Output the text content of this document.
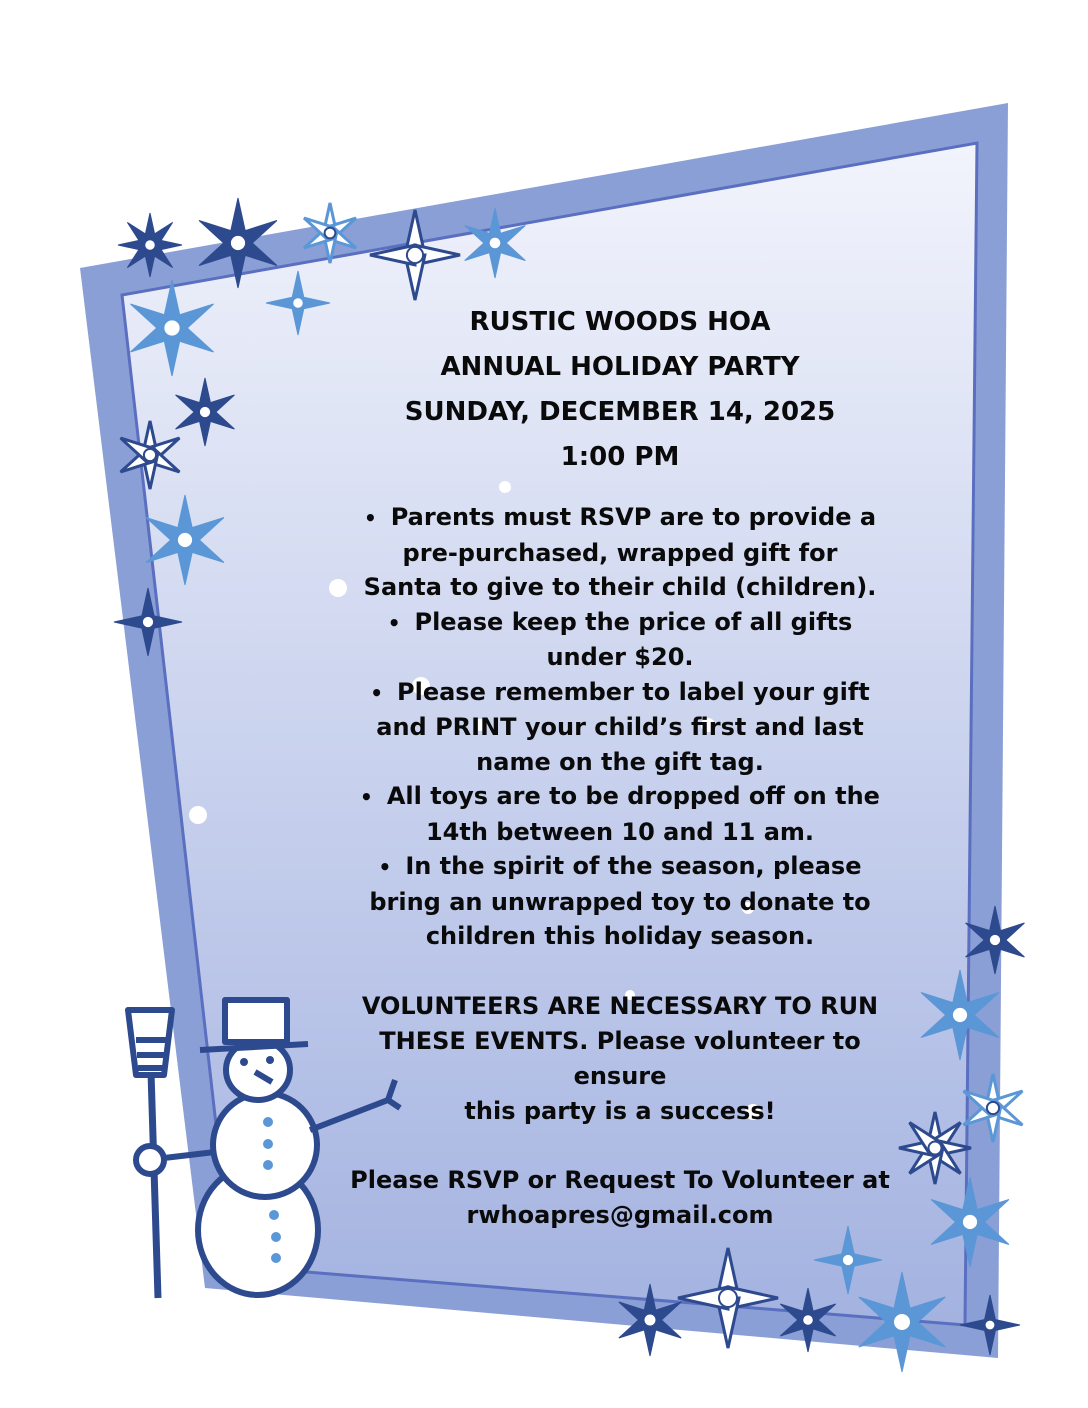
RUSTIC WOODS HOA
ANNUAL HOLIDAY PARTY
SUNDAY, DECEMBER 14, 2025
1:00 PM
• Parents must RSVP are to provide a pre-purchased, wrapped gift for Santa to give to their child (children).
• Please keep the price of all gifts under $20.
• Please remember to label your gift and PRINT your child’s first and last name on the gift tag.
• All toys are to be dropped off on the 14th between 10 and 11 am.
• In the spirit of the season, please bring an unwrapped toy to donate to children this holiday season.
VOLUNTEERS ARE NECESSARY TO RUN
THESE EVENTS. Please volunteer to ensure
this party is a success!
Please RSVP or Request To Volunteer at
rwhoapres@gmail.com
